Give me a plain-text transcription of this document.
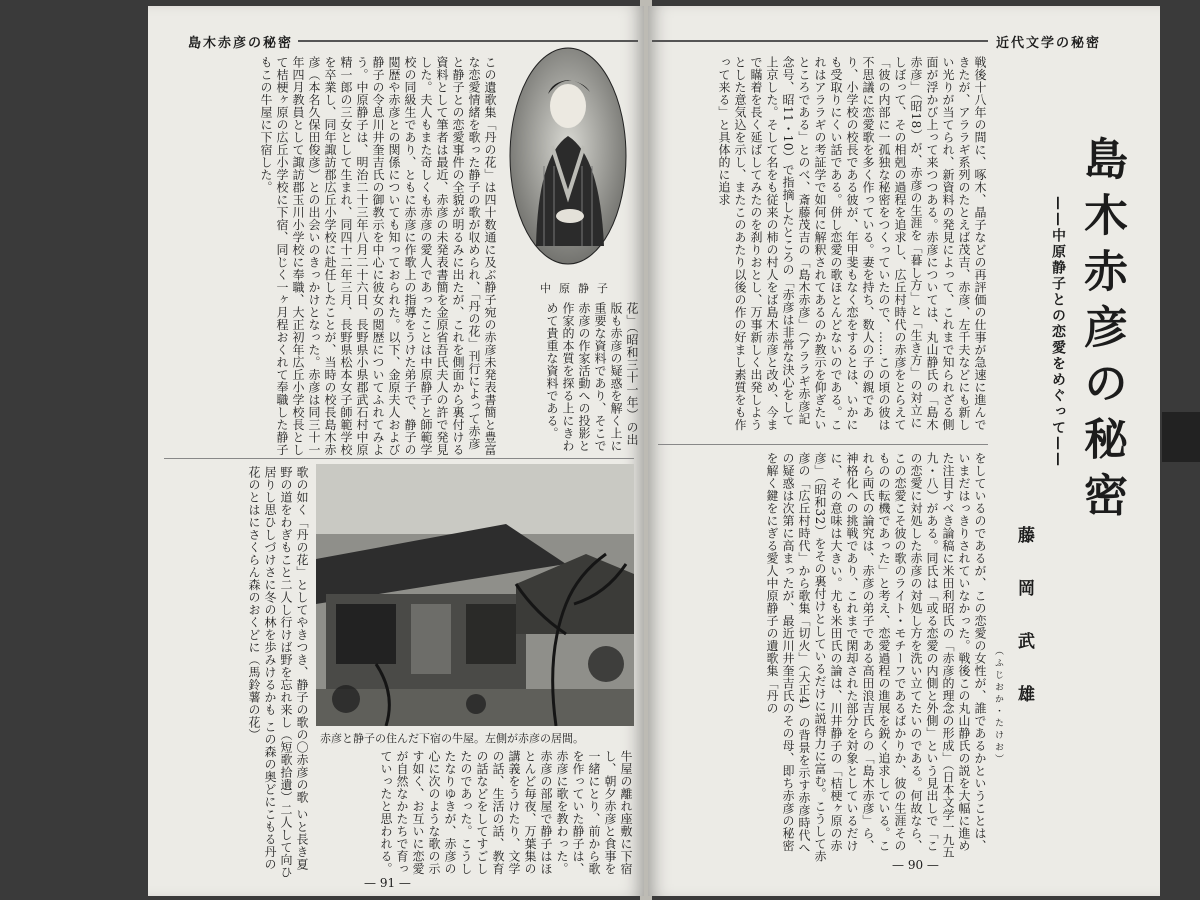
島木赤彦の秘密
この遺歌集「丹の花」は四十数通に及ぶ静子宛の赤彦未発表書簡と豊富な恋愛情緒を歌った静子の歌が収められ、「丹の花」刊行によって赤彦と静子との恋愛事件の全貌が明るみに出たが、これを側面から裏付ける資料として筆者は最近、赤彦の未発表書簡を金原省吾氏夫人の許で発見した。夫人もまた奇しくも赤彦の愛人であったことは中原静子と師範学校の同級生であり、ともに赤彦に作歌上の指導をうけた弟子で、静子の閲歴や赤彦との関係についても知っておられた。以下、金原夫人および静子の令息川井奎吉氏の御教示を中心に彼女の閲歴についてふれてみよう。中原静子は、明治二十三年八月二十六日、長野県小県郡武石村中原精一郎の三女として生まれ、同四十二年三月、長野県松本女子師範学校を卒業し、同年諏訪郡広丘小学校に赴任したことが、当時の校長島木赤彦（本名久保田俊彦）との出会いのきっかけとなった。赤彦は同三十一年四月教員として諏訪郡玉川小学校に奉職、大正初年広丘小学校長として桔梗ヶ原の広丘小学校に下宿、同じく一ヶ月程おくれて奉職した静子もこの牛屋に下宿した。
中原静子
花」（昭和三十一年）の出版も赤彦の疑惑を解く上に重要な資料であり、そこで赤彦の作家活動への投影と作家的本質を探る上にきわめて貴重な資料である。
赤彦と静子の住んだ下宿の牛屋。左側が赤彦の居間。
牛屋の離れ座敷に下宿し、朝夕赤彦と食事を一緒にとり、前から歌を作っていた静子は、赤彦に歌を教わった。赤彦の部屋で静子はほとんど毎夜、万葉集の講義をうけたり、文学の話、生活の話、教育の話などをしてすごしたのであった。こうしたなりゆきが、赤彦の心に次のような歌の示す如く、お互いに恋愛が自然なかたちで育っていったと思われる。
歌の如く「丹の花」としてやきつき、静子の歌の〇赤彦の歌 いと長き夏野の道をわぎもこと二人し行けば野を忘れ来し（短歌拾遺）二人して向ひ居りし思ひしづけさに冬の林を歩みけるかも この森の奥どにこもる丹の花のとはにさくらん森のおくどに（馬鈴薯の花）
— 91 —
近代文学の秘密
戦後十八年の間に、啄木、晶子などの再評価の仕事が急速に進んできたが、アララギ系列のたとえば茂吉、赤彦、左千夫などにも新しい光りが当てられ、新資料の発見によって、これまで知られざる側面が浮かび上って来つつある。赤彦については、丸山静氏の「島木赤彦」（昭18）が、赤彦の生涯を「暮し方」と「生き方」の対立にしぼって、その相剋の過程を追求し、広丘村時代の赤彦をとらえて「彼の内部に一孤独な秘密をつくっていたので、……この頃の彼は不思議に恋愛歌を多く作っている。妻を持ち、数人の子の親であり、小学校の校長である彼が、年甲斐もなく恋をするとは、いかにも受取りにくい話である。併し恋愛の歌ほとんどないのである。これはアララギの考証学で如何に解釈されてあるのか教示を仰ぎたいところである」とのべ、斎藤茂吉の「島木赤彦」（アララギ赤彦記念号、昭11・10）で指摘したところの「赤彦は非常な決心をして上京した。そして名をも従来の柿の村人をば島木赤彦と改め、今まで瞞着を長く延ばしてみたのを刹りおとし、万事新しく出発しようとした意気込を示し、またこのあたり以後の作の好まし素質をも作って来る」と具体的に追求
島木赤彦の秘密
——中原静子との恋愛をめぐって——
藤岡武雄
（ふじおか・たけお）
をしているのであるが、この恋愛の女性が、誰であるかということは、いまだはっきりされていなかった。戦後この丸山静氏の説を大幅に進めた注目すべき論稿に米田利昭氏の「赤彦的理念の形成」（日本文学一九五九・八）がある。同氏は「或る恋愛の内側と外側」という見出しで「この恋愛に対処した赤彦の対処し方を洗い立てたいのである。何故なら、この恋愛こそ彼の歌のライト・モチーフであるばかりか、彼の生涯そのものの転機であった」と考え、恋愛過程の進展を鋭く追求している。これら両氏の論究は、赤彦の弟子である高田浪吉氏らの「島木赤彦」ら、神格化への挑戦であり、これまで閑却された部分を対象としているだけに、その意味は大きい。尤も米田氏の論は、川井静子の「桔梗ヶ原の赤彦」（昭和32）をその裏付けとしているだけに説得力に富む。こうして赤彦の「広丘村時代」から歌集「切火」（大正4）の背景を示す赤彦時代への疑惑は次第に高まったが、最近川井奎吉氏のその母、即ち赤彦の秘密を解く鍵をにぎる愛人中原静子の遺歌集「丹の
— 90 —
